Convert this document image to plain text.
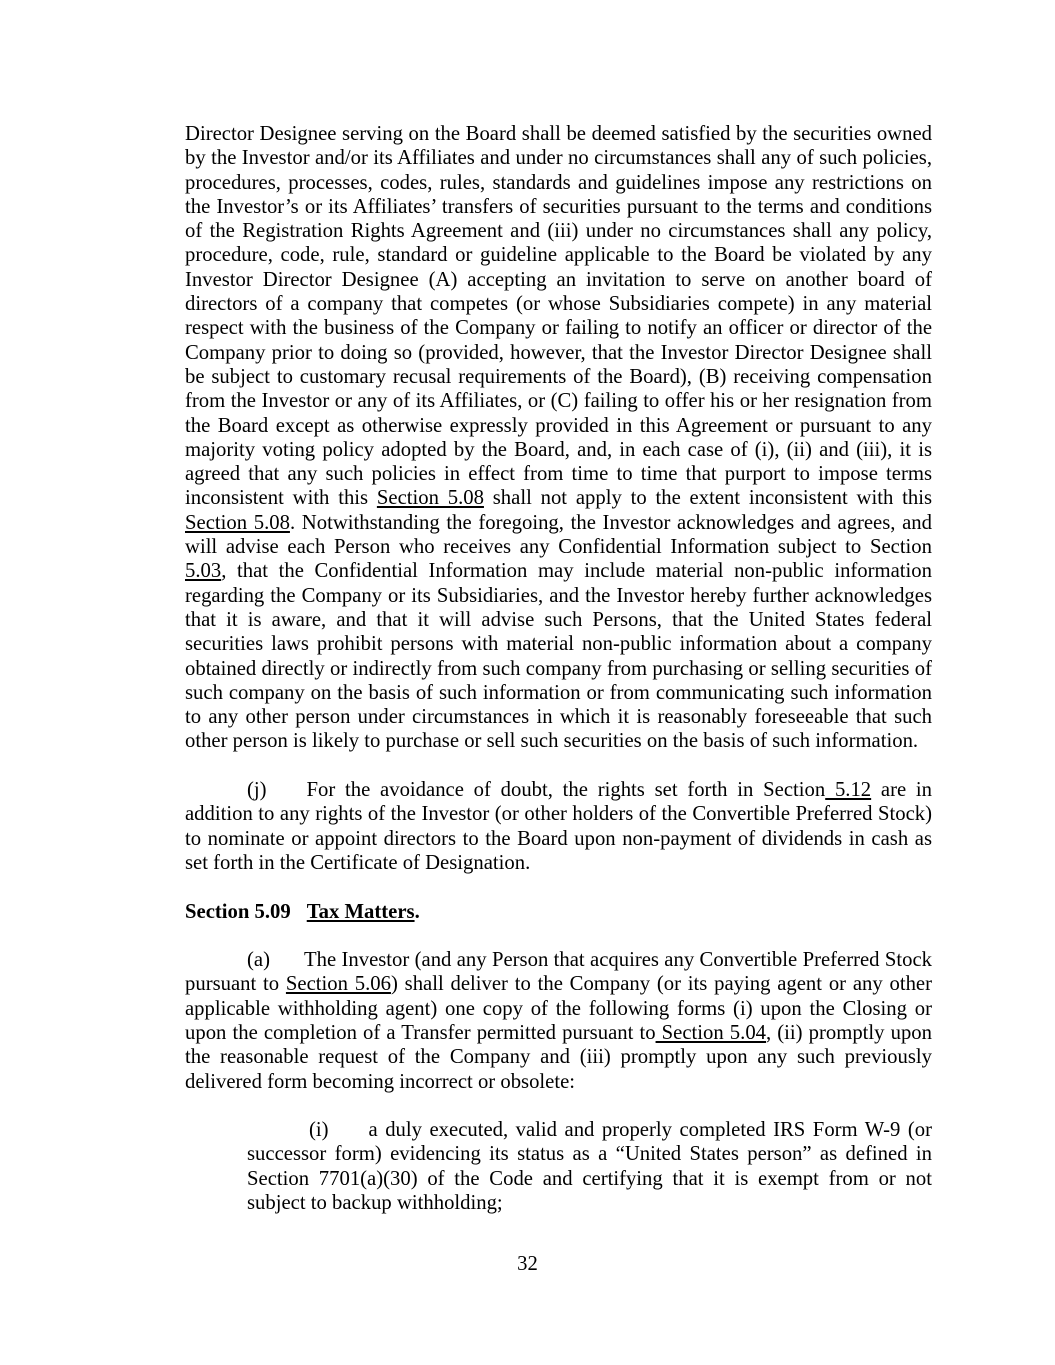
Director Designee serving on the Board shall be deemed satisfied by the securities owned by the Investor and/or its Affiliates and under no circumstances shall any of such policies, procedures, processes, codes, rules, standards and guidelines impose any restrictions on the Investor’s or its Affiliates’ transfers of securities pursuant to the terms and conditions of the Registration Rights Agreement and (iii) under no circumstances shall any policy, procedure, code, rule, standard or guideline applicable to the Board be violated by any Investor Director Designee (A) accepting an invitation to serve on another board of directors of a company that competes (or whose Subsidiaries compete) in any material respect with the business of the Company or failing to notify an officer or director of the Company prior to doing so (provided, however, that the Investor Director Designee shall be subject to customary recusal requirements of the Board), (B) receiving compensation from the Investor or any of its Affiliates, or (C) failing to offer his or her resignation from the Board except as otherwise expressly provided in this Agreement or pursuant to any majority voting policy adopted by the Board, and, in each case of (i), (ii) and (iii), it is agreed that any such policies in effect from time to time that purport to impose terms inconsistent with this Section 5.08 shall not apply to the extent inconsistent with this Section 5.08. Notwithstanding the foregoing, the Investor acknowledges and agrees, and will advise each Person who receives any Confidential Information subject to Section 5.03, that the Confidential Information may include material non-public information regarding the Company or its Subsidiaries, and the Investor hereby further acknowledges that it is aware, and that it will advise such Persons, that the United States federal securities laws prohibit persons with material non-public information about a company obtained directly or indirectly from such company from purchasing or selling securities of such company on the basis of such information or from communicating such information to any other person under circumstances in which it is reasonably foreseeable that such other person is likely to purchase or sell such securities on the basis of such information.

(j) For the avoidance of doubt, the rights set forth in Section 5.12 are in addition to any rights of the Investor (or other holders of the Convertible Preferred Stock) to nominate or appoint directors to the Board upon non-payment of dividends in cash as set forth in the Certificate of Designation.

Section 5.09 Tax Matters.

(a) The Investor (and any Person that acquires any Convertible Preferred Stock pursuant to Section 5.06) shall deliver to the Company (or its paying agent or any other applicable withholding agent) one copy of the following forms (i) upon the Closing or upon the completion of a Transfer permitted pursuant to Section 5.04, (ii) promptly upon the reasonable request of the Company and (iii) promptly upon any such previously delivered form becoming incorrect or obsolete:

(i) a duly executed, valid and properly completed IRS Form W-9 (or successor form) evidencing its status as a “United States person” as defined in Section 7701(a)(30) of the Code and certifying that it is exempt from or not subject to backup withholding;

32
